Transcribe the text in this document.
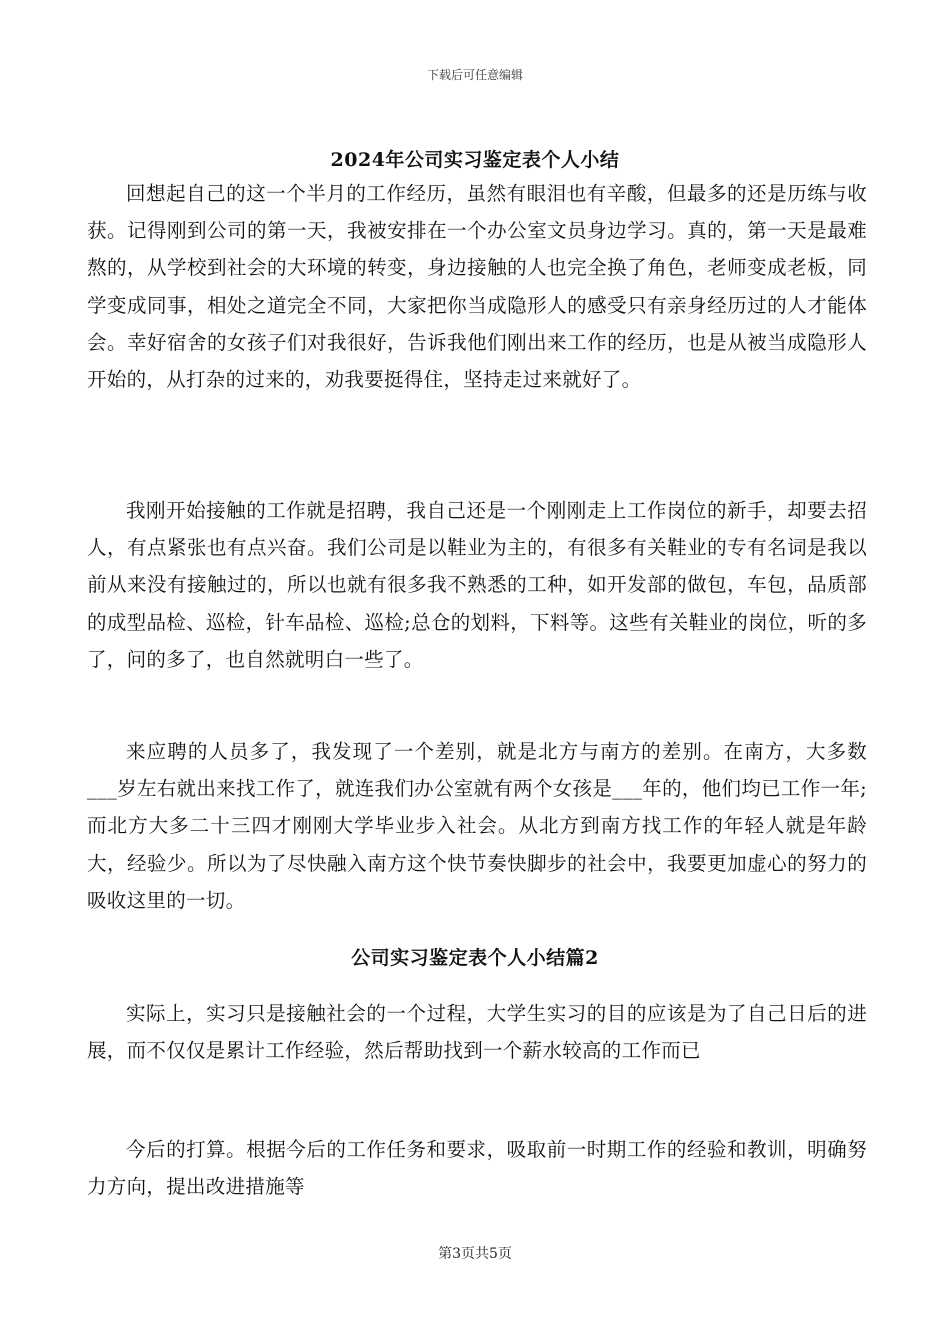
下载后可任意编辑
2024年公司实习鉴定表个人小结

回想起自己的这一个半月的工作经历，虽然有眼泪也有辛酸，但最多的还是历练与收获。记得刚到公司的第一天，我被安排在一个办公室文员身边学习。真的，第一天是最难熬的，从学校到社会的大环境的转变，身边接触的人也完全换了角色，老师变成老板，同学变成同事，相处之道完全不同，大家把你当成隐形人的感受只有亲身经历过的人才能体会。幸好宿舍的女孩子们对我很好，告诉我他们刚出来工作的经历，也是从被当成隐形人开始的，从打杂的过来的，劝我要挺得住，坚持走过来就好了。

我刚开始接触的工作就是招聘，我自己还是一个刚刚走上工作岗位的新手，却要去招人，有点紧张也有点兴奋。我们公司是以鞋业为主的，有很多有关鞋业的专有名词是我以前从来没有接触过的，所以也就有很多我不熟悉的工种，如开发部的做包，车包，品质部的成型品检、巡检，针车品检、巡检;总仓的划料，下料等。这些有关鞋业的岗位，听的多了，问的多了，也自然就明白一些了。

来应聘的人员多了，我发现了一个差别，就是北方与南方的差别。在南方，大多数___岁左右就出来找工作了，就连我们办公室就有两个女孩是___年的，他们均已工作一年;而北方大多二十三四才刚刚大学毕业步入社会。从北方到南方找工作的年轻人就是年龄大，经验少。所以为了尽快融入南方这个快节奏快脚步的社会中，我要更加虚心的努力的吸收这里的一切。

公司实习鉴定表个人小结篇2

实际上，实习只是接触社会的一个过程，大学生实习的目的应该是为了自己日后的进展，而不仅仅是累计工作经验，然后帮助找到一个薪水较高的工作而已

今后的打算。根据今后的工作任务和要求，吸取前一时期工作的经验和教训，明确努力方向，提出改进措施等

第3页共5页
